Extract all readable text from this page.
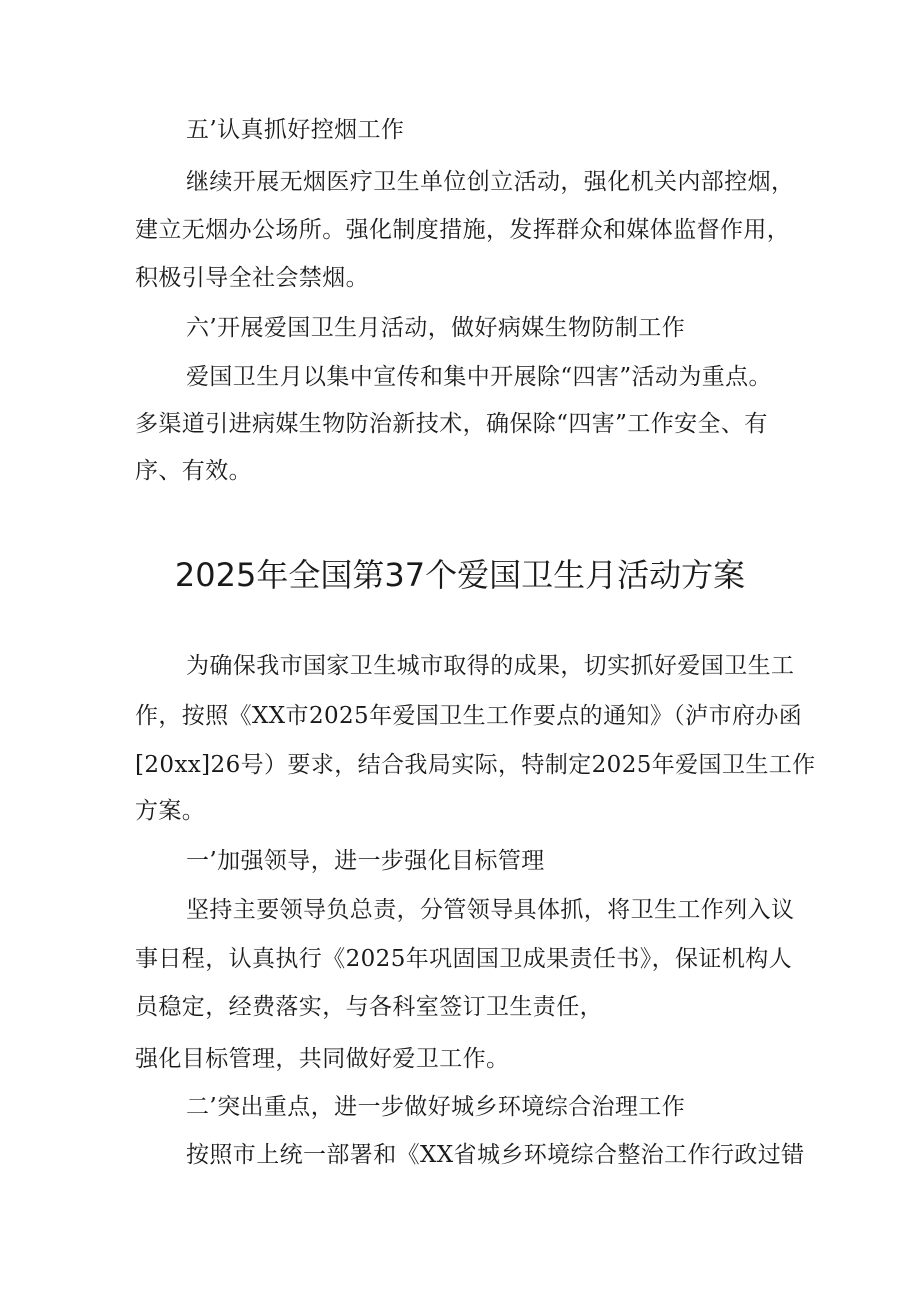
五’认真抓好控烟工作
继续开展无烟医疗卫生单位创立活动，强化机关内部控烟，
建立无烟办公场所。强化制度措施，发挥群众和媒体监督作用，
积极引导全社会禁烟。
六’开展爱国卫生月活动，做好病媒生物防制工作
爱国卫生月以集中宣传和集中开展除“四害”活动为重点。
多渠道引进病媒生物防治新技术，确保除“四害”工作安全、有
序、有效。
2025年全国第37个爱国卫生月活动方案
为确保我市国家卫生城市取得的成果，切实抓好爱国卫生工
作，按照《XX市2025年爱国卫生工作要点的通知》（泸市府办函
[20xx]26号）要求，结合我局实际，特制定2025年爱国卫生工作
方案。
一’加强领导，进一步强化目标管理
坚持主要领导负总责，分管领导具体抓，将卫生工作列入议
事日程，认真执行《2025年巩固国卫成果责任书》，保证机构人
员稳定，经费落实，与各科室签订卫生责任，
强化目标管理，共同做好爱卫工作。
二’突出重点，进一步做好城乡环境综合治理工作
按照市上统一部署和《XX省城乡环境综合整治工作行政过错
